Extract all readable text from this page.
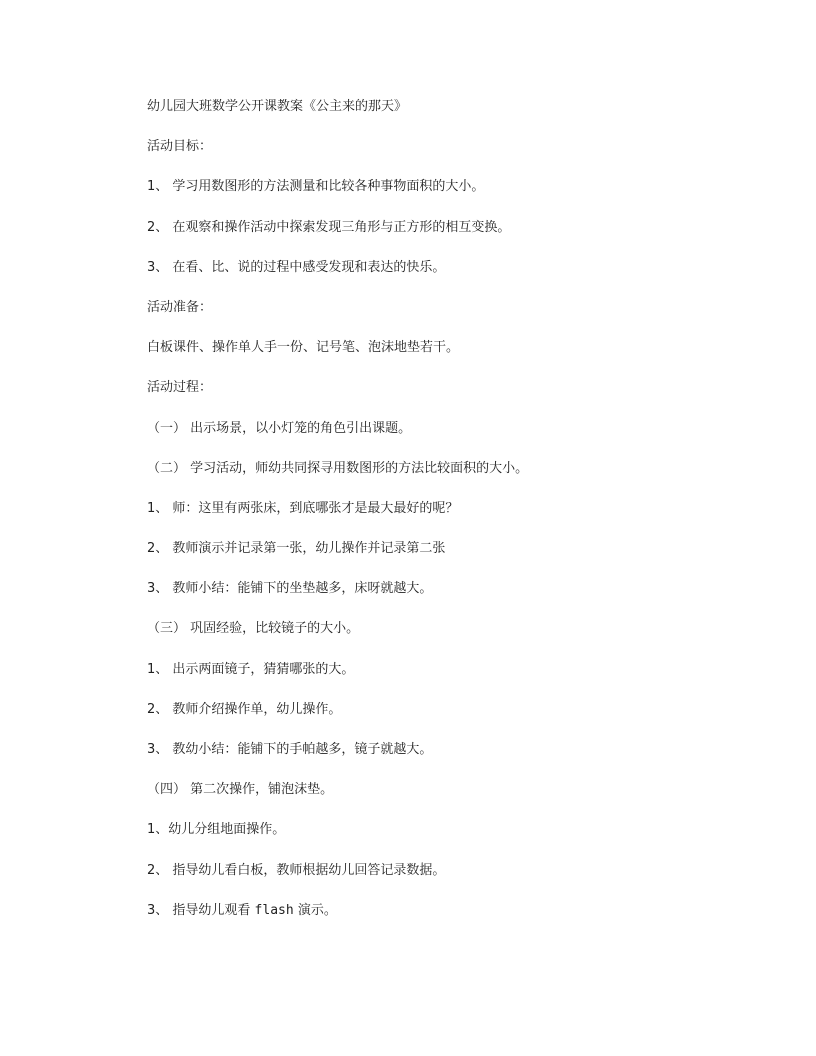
幼儿园大班数学公开课教案《公主来的那天》

活动目标：

1、 学习用数图形的方法测量和比较各种事物面积的大小。

2、 在观察和操作活动中探索发现三角形与正方形的相互变换。

3、 在看、比、说的过程中感受发现和表达的快乐。

活动准备：

白板课件、操作单人手一份、记号笔、泡沫地垫若干。

活动过程：

（一） 出示场景，以小灯笼的角色引出课题。

（二） 学习活动，师幼共同探寻用数图形的方法比较面积的大小。

1、 师：这里有两张床，到底哪张才是最大最好的呢？

2、 教师演示并记录第一张，幼儿操作并记录第二张

3、 教师小结：能铺下的坐垫越多，床呀就越大。

（三） 巩固经验，比较镜子的大小。

1、 出示两面镜子，猜猜哪张的大。

2、 教师介绍操作单，幼儿操作。

3、 教幼小结：能铺下的手帕越多，镜子就越大。

（四） 第二次操作，铺泡沫垫。

1、幼儿分组地面操作。

2、 指导幼儿看白板，教师根据幼儿回答记录数据。

3、 指导幼儿观看 flash 演示。
